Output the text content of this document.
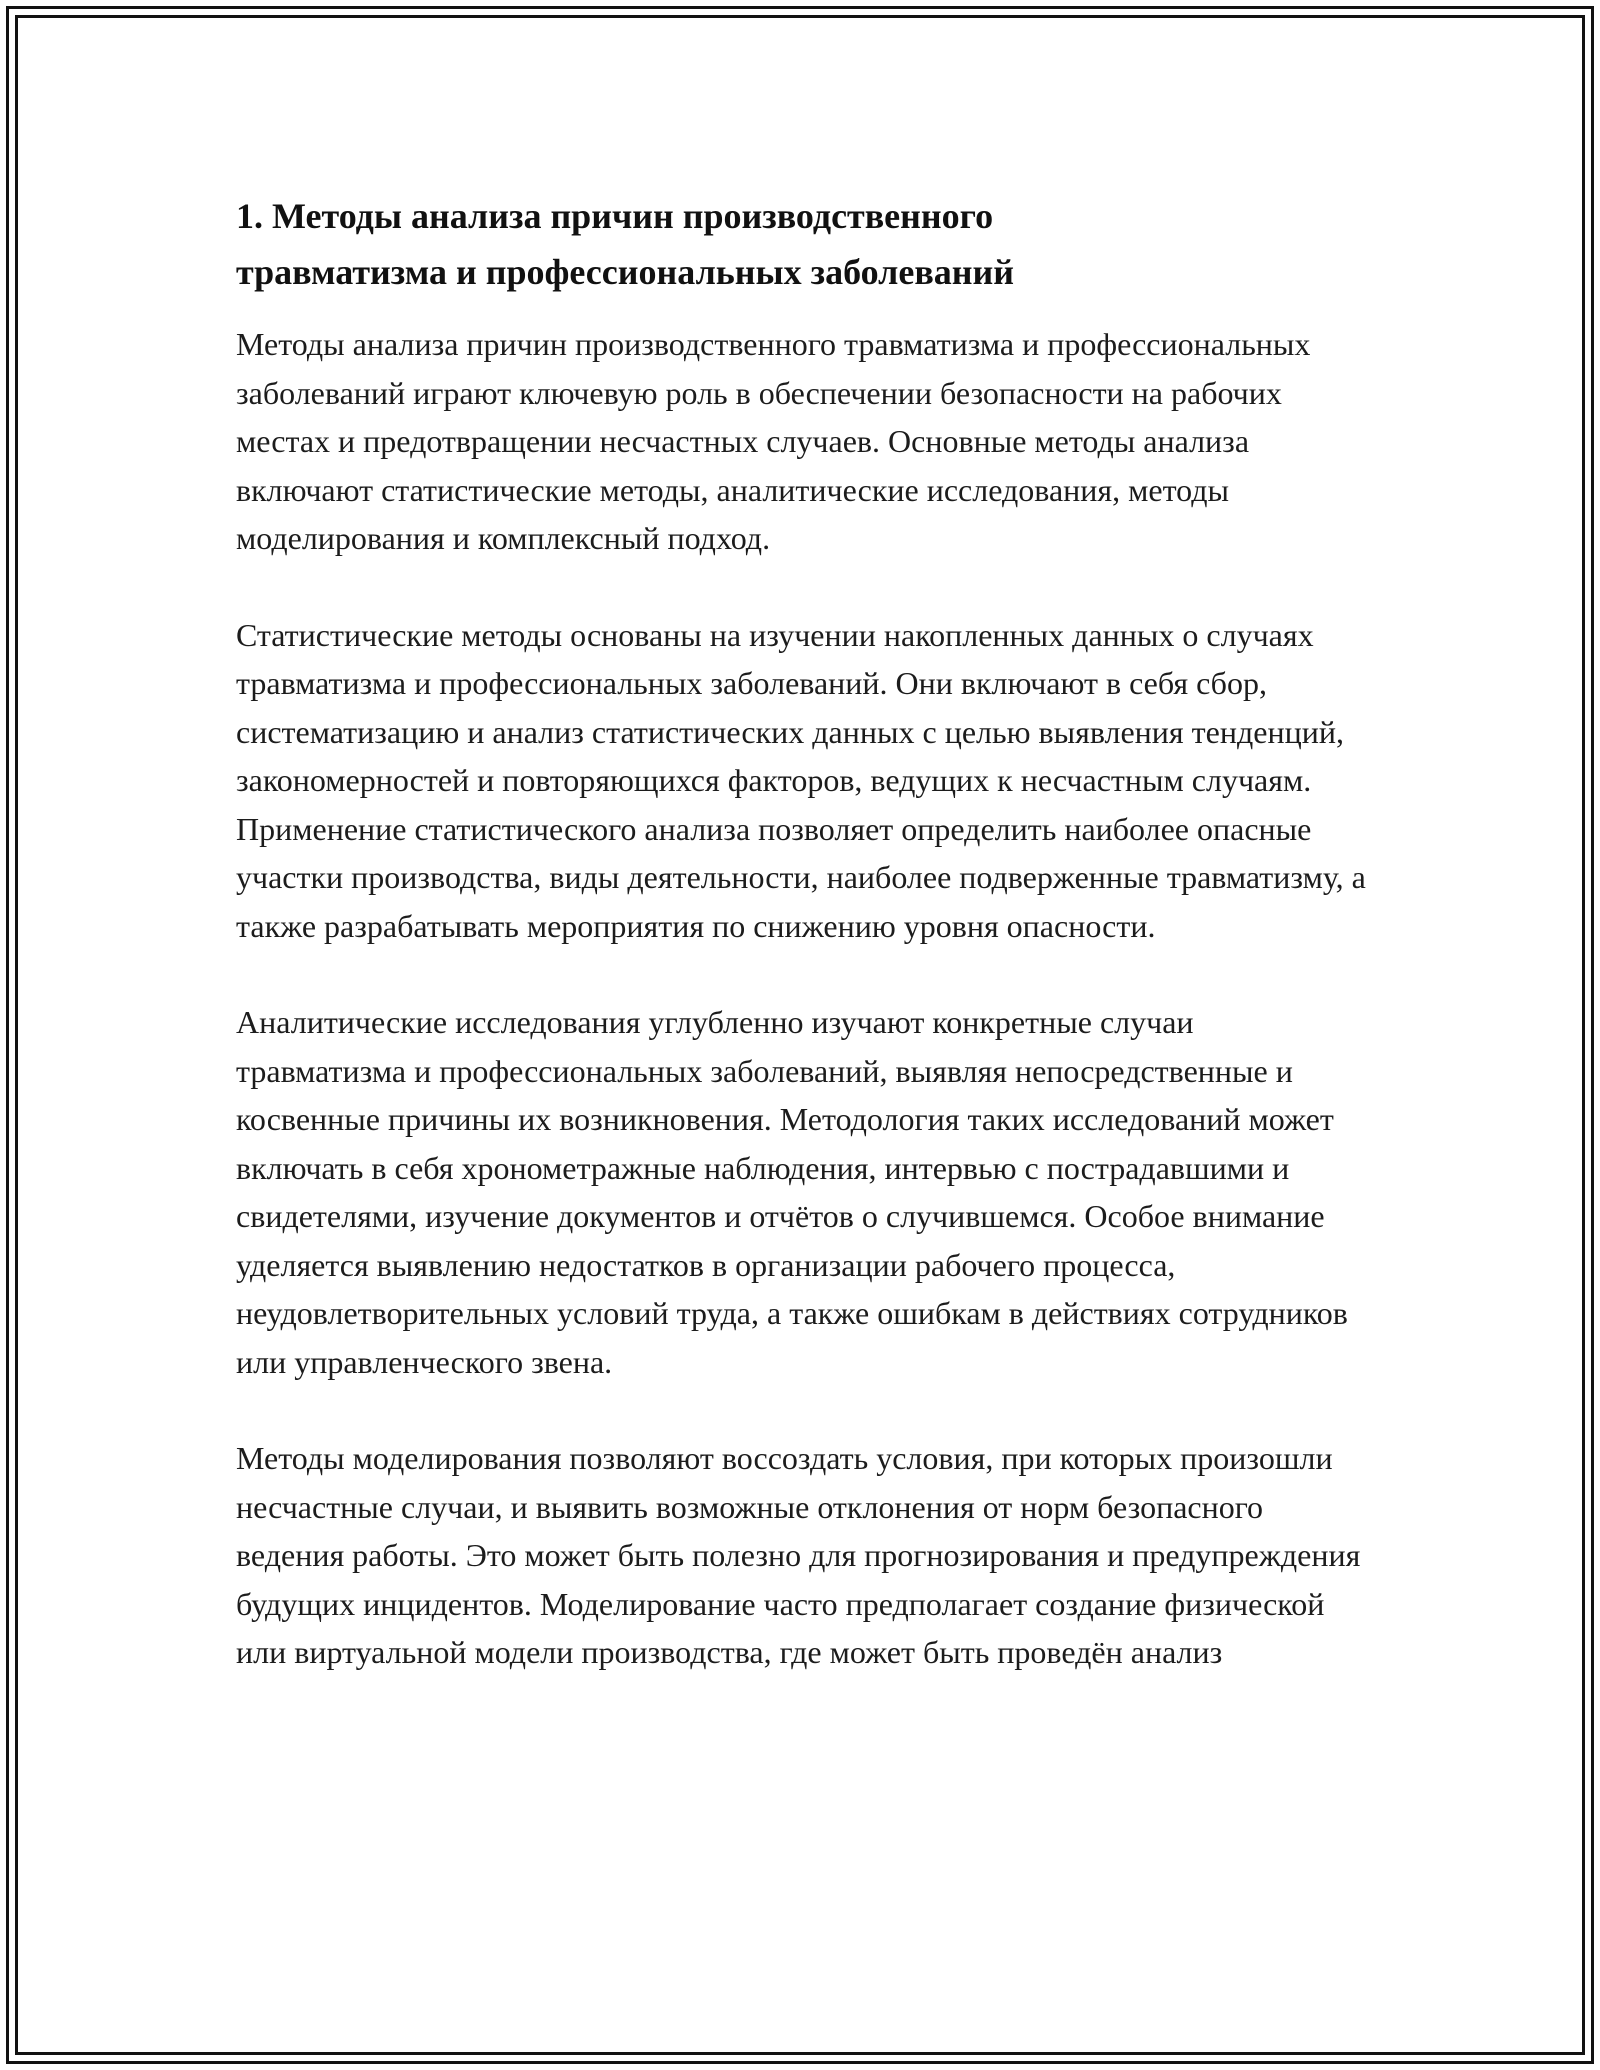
1. Методы анализа причин производственного
травматизма и профессиональных заболеваний

Методы анализа причин производственного травматизма и профессиональных заболеваний играют ключевую роль в обеспечении безопасности на рабочих местах и предотвращении несчастных случаев. Основные методы анализа включают статистические методы, аналитические исследования, методы моделирования и комплексный подход.

Статистические методы основаны на изучении накопленных данных о случаях травматизма и профессиональных заболеваний. Они включают в себя сбор, систематизацию и анализ статистических данных с целью выявления тенденций, закономерностей и повторяющихся факторов, ведущих к несчастным случаям. Применение статистического анализа позволяет определить наиболее опасные участки производства, виды деятельности, наиболее подверженные травматизму, а также разрабатывать мероприятия по снижению уровня опасности.

Аналитические исследования углубленно изучают конкретные случаи травматизма и профессиональных заболеваний, выявляя непосредственные и косвенные причины их возникновения. Методология таких исследований может включать в себя хронометражные наблюдения, интервью с пострадавшими и свидетелями, изучение документов и отчётов о случившемся. Особое внимание уделяется выявлению недостатков в организации рабочего процесса, неудовлетворительных условий труда, а также ошибкам в действиях сотрудников или управленческого звена.

Методы моделирования позволяют воссоздать условия, при которых произошли несчастные случаи, и выявить возможные отклонения от норм безопасного ведения работы. Это может быть полезно для прогнозирования и предупреждения будущих инцидентов. Моделирование часто предполагает создание физической или виртуальной модели производства, где может быть проведён анализ
